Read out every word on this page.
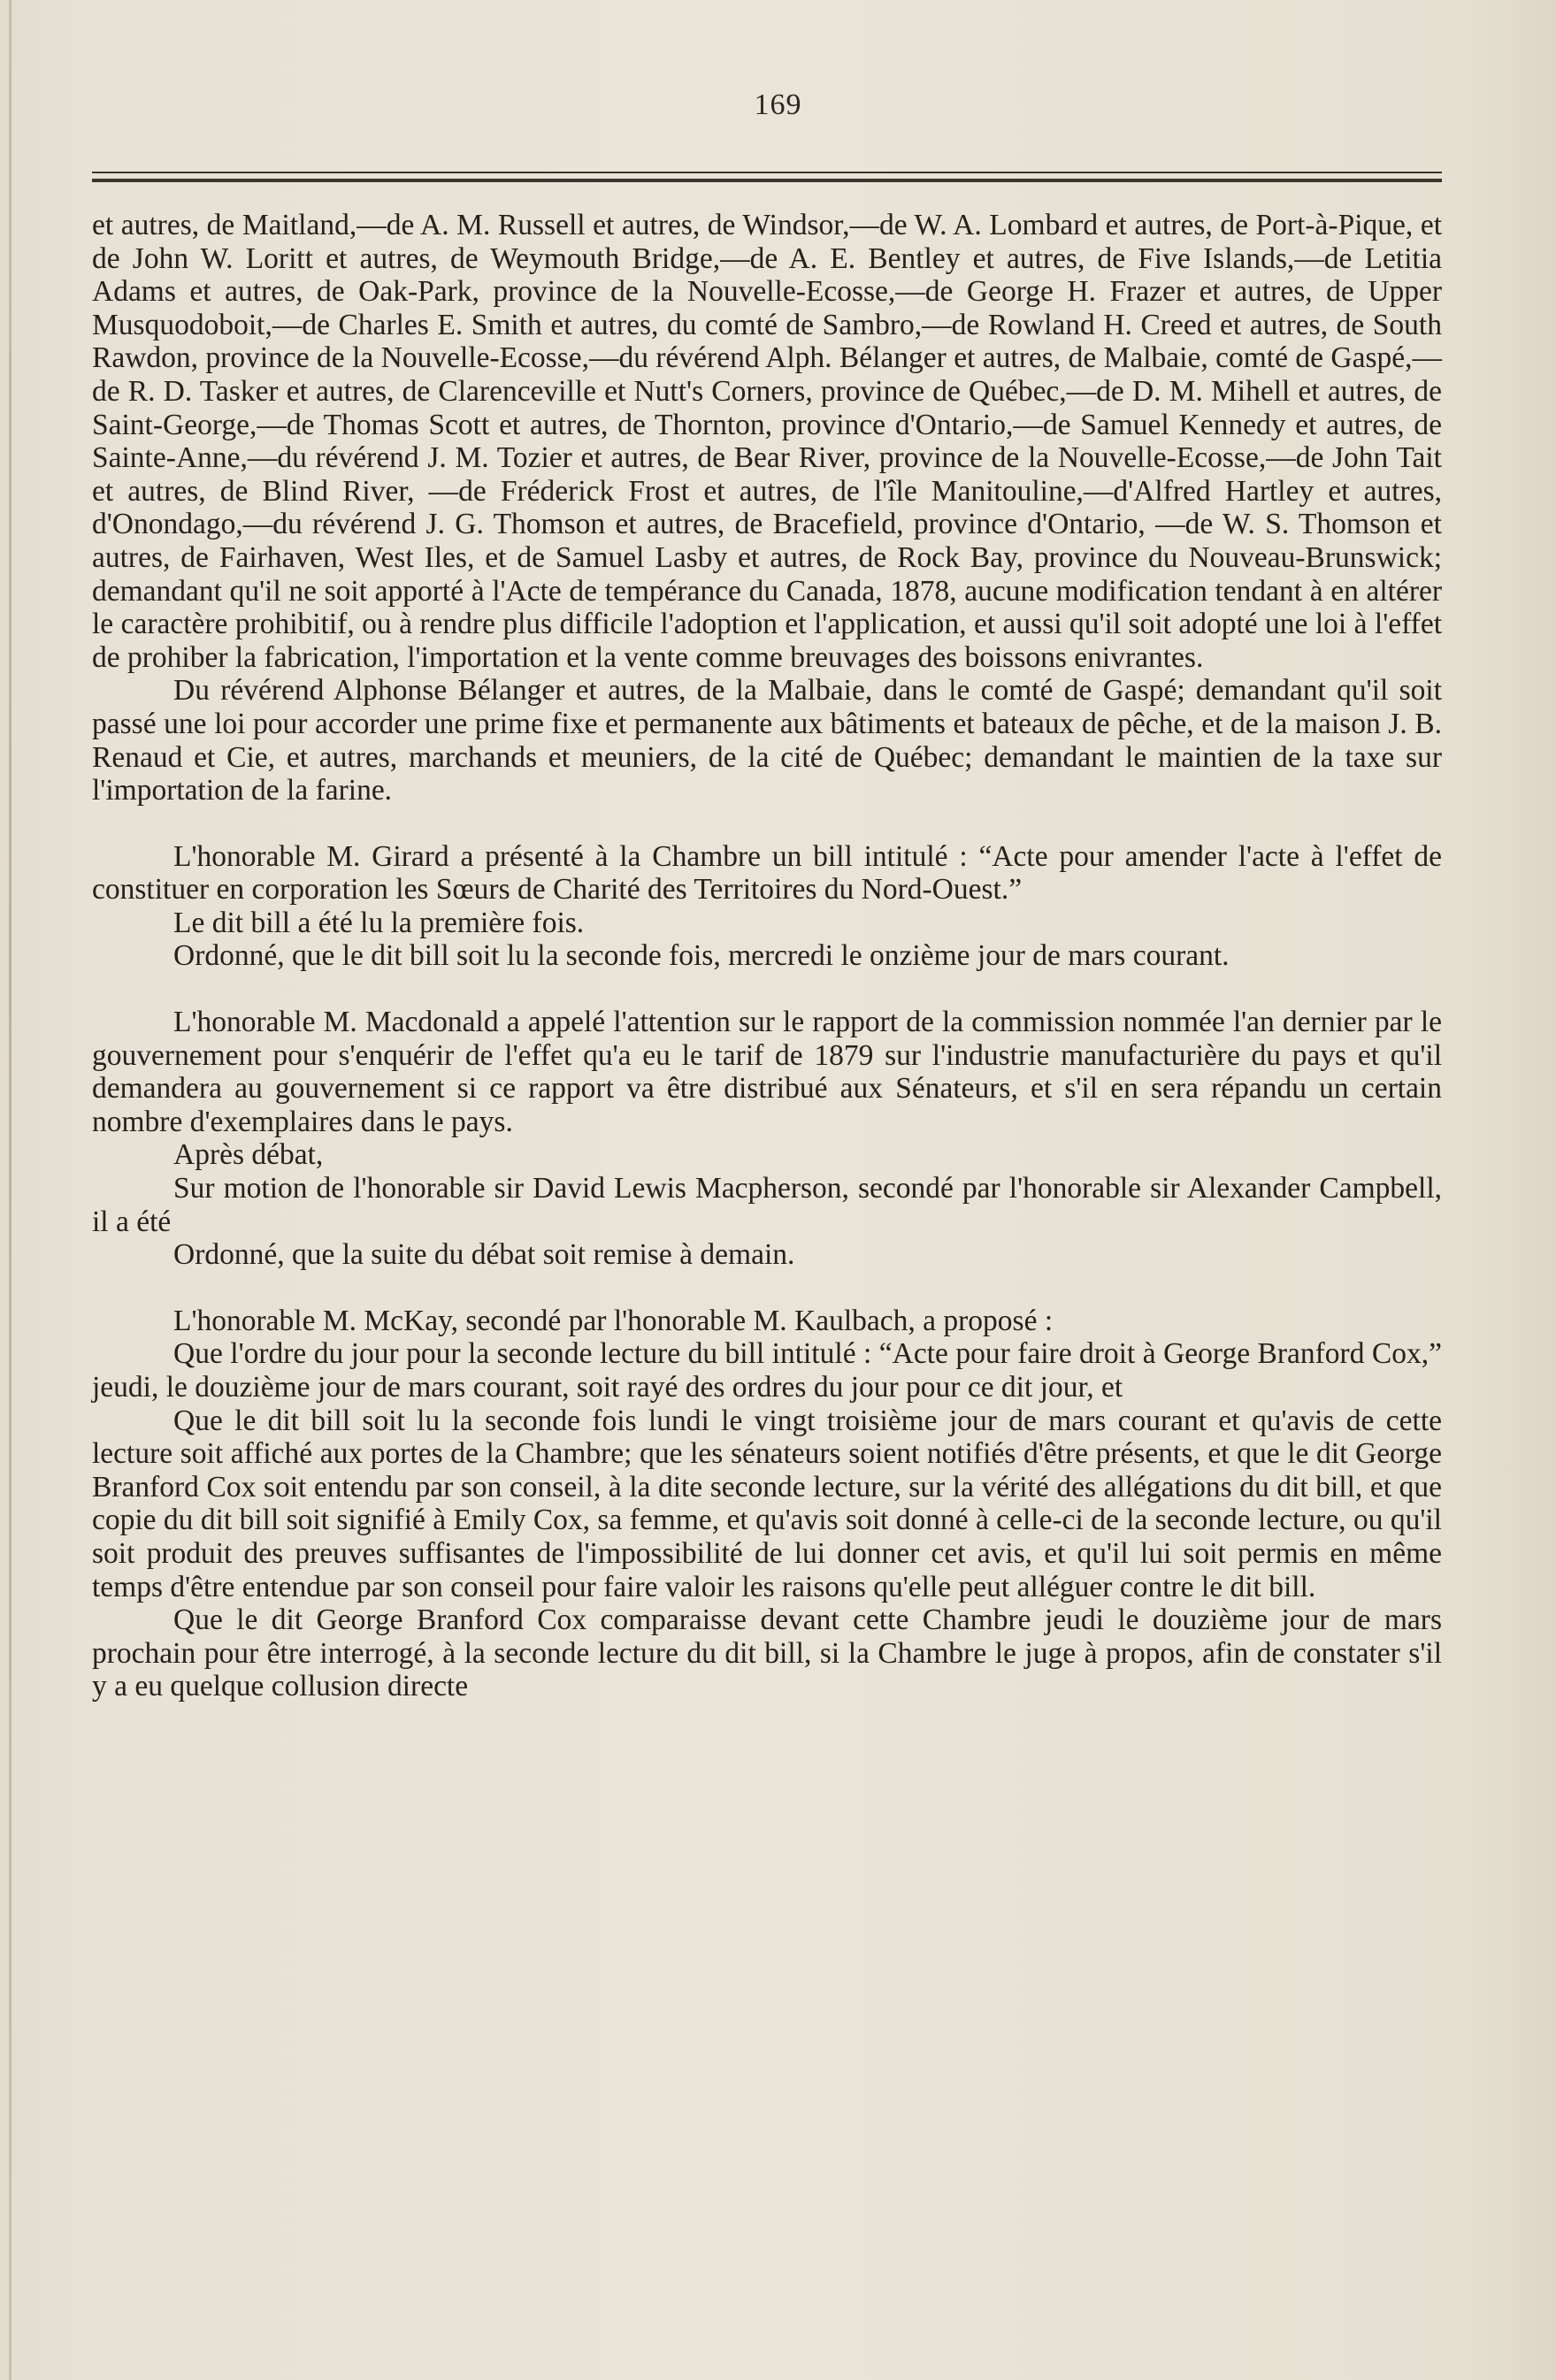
169

et autres, de Maitland,—de A. M. Russell et autres, de Windsor,—de W. A. Lombard et autres, de Port-à-Pique, et de John W. Loritt et autres, de Weymouth Bridge,—de A. E. Bentley et autres, de Five Islands,—de Letitia Adams et autres, de Oak-Park, province de la Nouvelle-Ecosse,—de George H. Frazer et autres, de Upper Musquodoboit,—de Charles E. Smith et autres, du comté de Sambro,—de Rowland H. Creed et autres, de South Rawdon, province de la Nouvelle-Ecosse,—du révérend Alph. Bélanger et autres, de Malbaie, comté de Gaspé,—de R. D. Tasker et autres, de Clarenceville et Nutt's Corners, province de Québec,—de D. M. Mihell et autres, de Saint-George,—de Thomas Scott et autres, de Thornton, province d'Ontario,—de Samuel Kennedy et autres, de Sainte-Anne,—du révérend J. M. Tozier et autres, de Bear River, province de la Nouvelle-Ecosse,—de John Tait et autres, de Blind River, —de Fréderick Frost et autres, de l'île Manitouline,—d'Alfred Hartley et autres, d'Onondago,—du révérend J. G. Thomson et autres, de Bracefield, province d'Ontario, —de W. S. Thomson et autres, de Fairhaven, West Iles, et de Samuel Lasby et autres, de Rock Bay, province du Nouveau-Brunswick; demandant qu'il ne soit apporté à l'Acte de tempérance du Canada, 1878, aucune modification tendant à en altérer le caractère prohibitif, ou à rendre plus difficile l'adoption et l'application, et aussi qu'il soit adopté une loi à l'effet de prohiber la fabrication, l'importation et la vente comme breuvages des boissons enivrantes.

Du révérend Alphonse Bélanger et autres, de la Malbaie, dans le comté de Gaspé; demandant qu'il soit passé une loi pour accorder une prime fixe et permanente aux bâtiments et bateaux de pêche, et de la maison J. B. Renaud et Cie, et autres, marchands et meuniers, de la cité de Québec; demandant le maintien de la taxe sur l'importation de la farine.

L'honorable M. Girard a présenté à la Chambre un bill intitulé : “Acte pour amender l'acte à l'effet de constituer en corporation les Sœurs de Charité des Territoires du Nord-Ouest.”

Le dit bill a été lu la première fois.

Ordonné, que le dit bill soit lu la seconde fois, mercredi le onzième jour de mars courant.

L'honorable M. Macdonald a appelé l'attention sur le rapport de la commission nommée l'an dernier par le gouvernement pour s'enquérir de l'effet qu'a eu le tarif de 1879 sur l'industrie manufacturière du pays et qu'il demandera au gouvernement si ce rapport va être distribué aux Sénateurs, et s'il en sera répandu un certain nombre d'exemplaires dans le pays.

Après débat,

Sur motion de l'honorable sir David Lewis Macpherson, secondé par l'honorable sir Alexander Campbell, il a été

Ordonné, que la suite du débat soit remise à demain.

L'honorable M. McKay, secondé par l'honorable M. Kaulbach, a proposé :

Que l'ordre du jour pour la seconde lecture du bill intitulé : “Acte pour faire droit à George Branford Cox,” jeudi, le douzième jour de mars courant, soit rayé des ordres du jour pour ce dit jour, et

Que le dit bill soit lu la seconde fois lundi le vingt troisième jour de mars courant et qu'avis de cette lecture soit affiché aux portes de la Chambre; que les sénateurs soient notifiés d'être présents, et que le dit George Branford Cox soit entendu par son conseil, à la dite seconde lecture, sur la vérité des allégations du dit bill, et que copie du dit bill soit signifié à Emily Cox, sa femme, et qu'avis soit donné à celle-ci de la seconde lecture, ou qu'il soit produit des preuves suffisantes de l'impossibilité de lui donner cet avis, et qu'il lui soit permis en même temps d'être entendue par son conseil pour faire valoir les raisons qu'elle peut alléguer contre le dit bill.

Que le dit George Branford Cox comparaisse devant cette Chambre jeudi le douzième jour de mars prochain pour être interrogé, à la seconde lecture du dit bill, si la Chambre le juge à propos, afin de constater s'il y a eu quelque collusion directe
